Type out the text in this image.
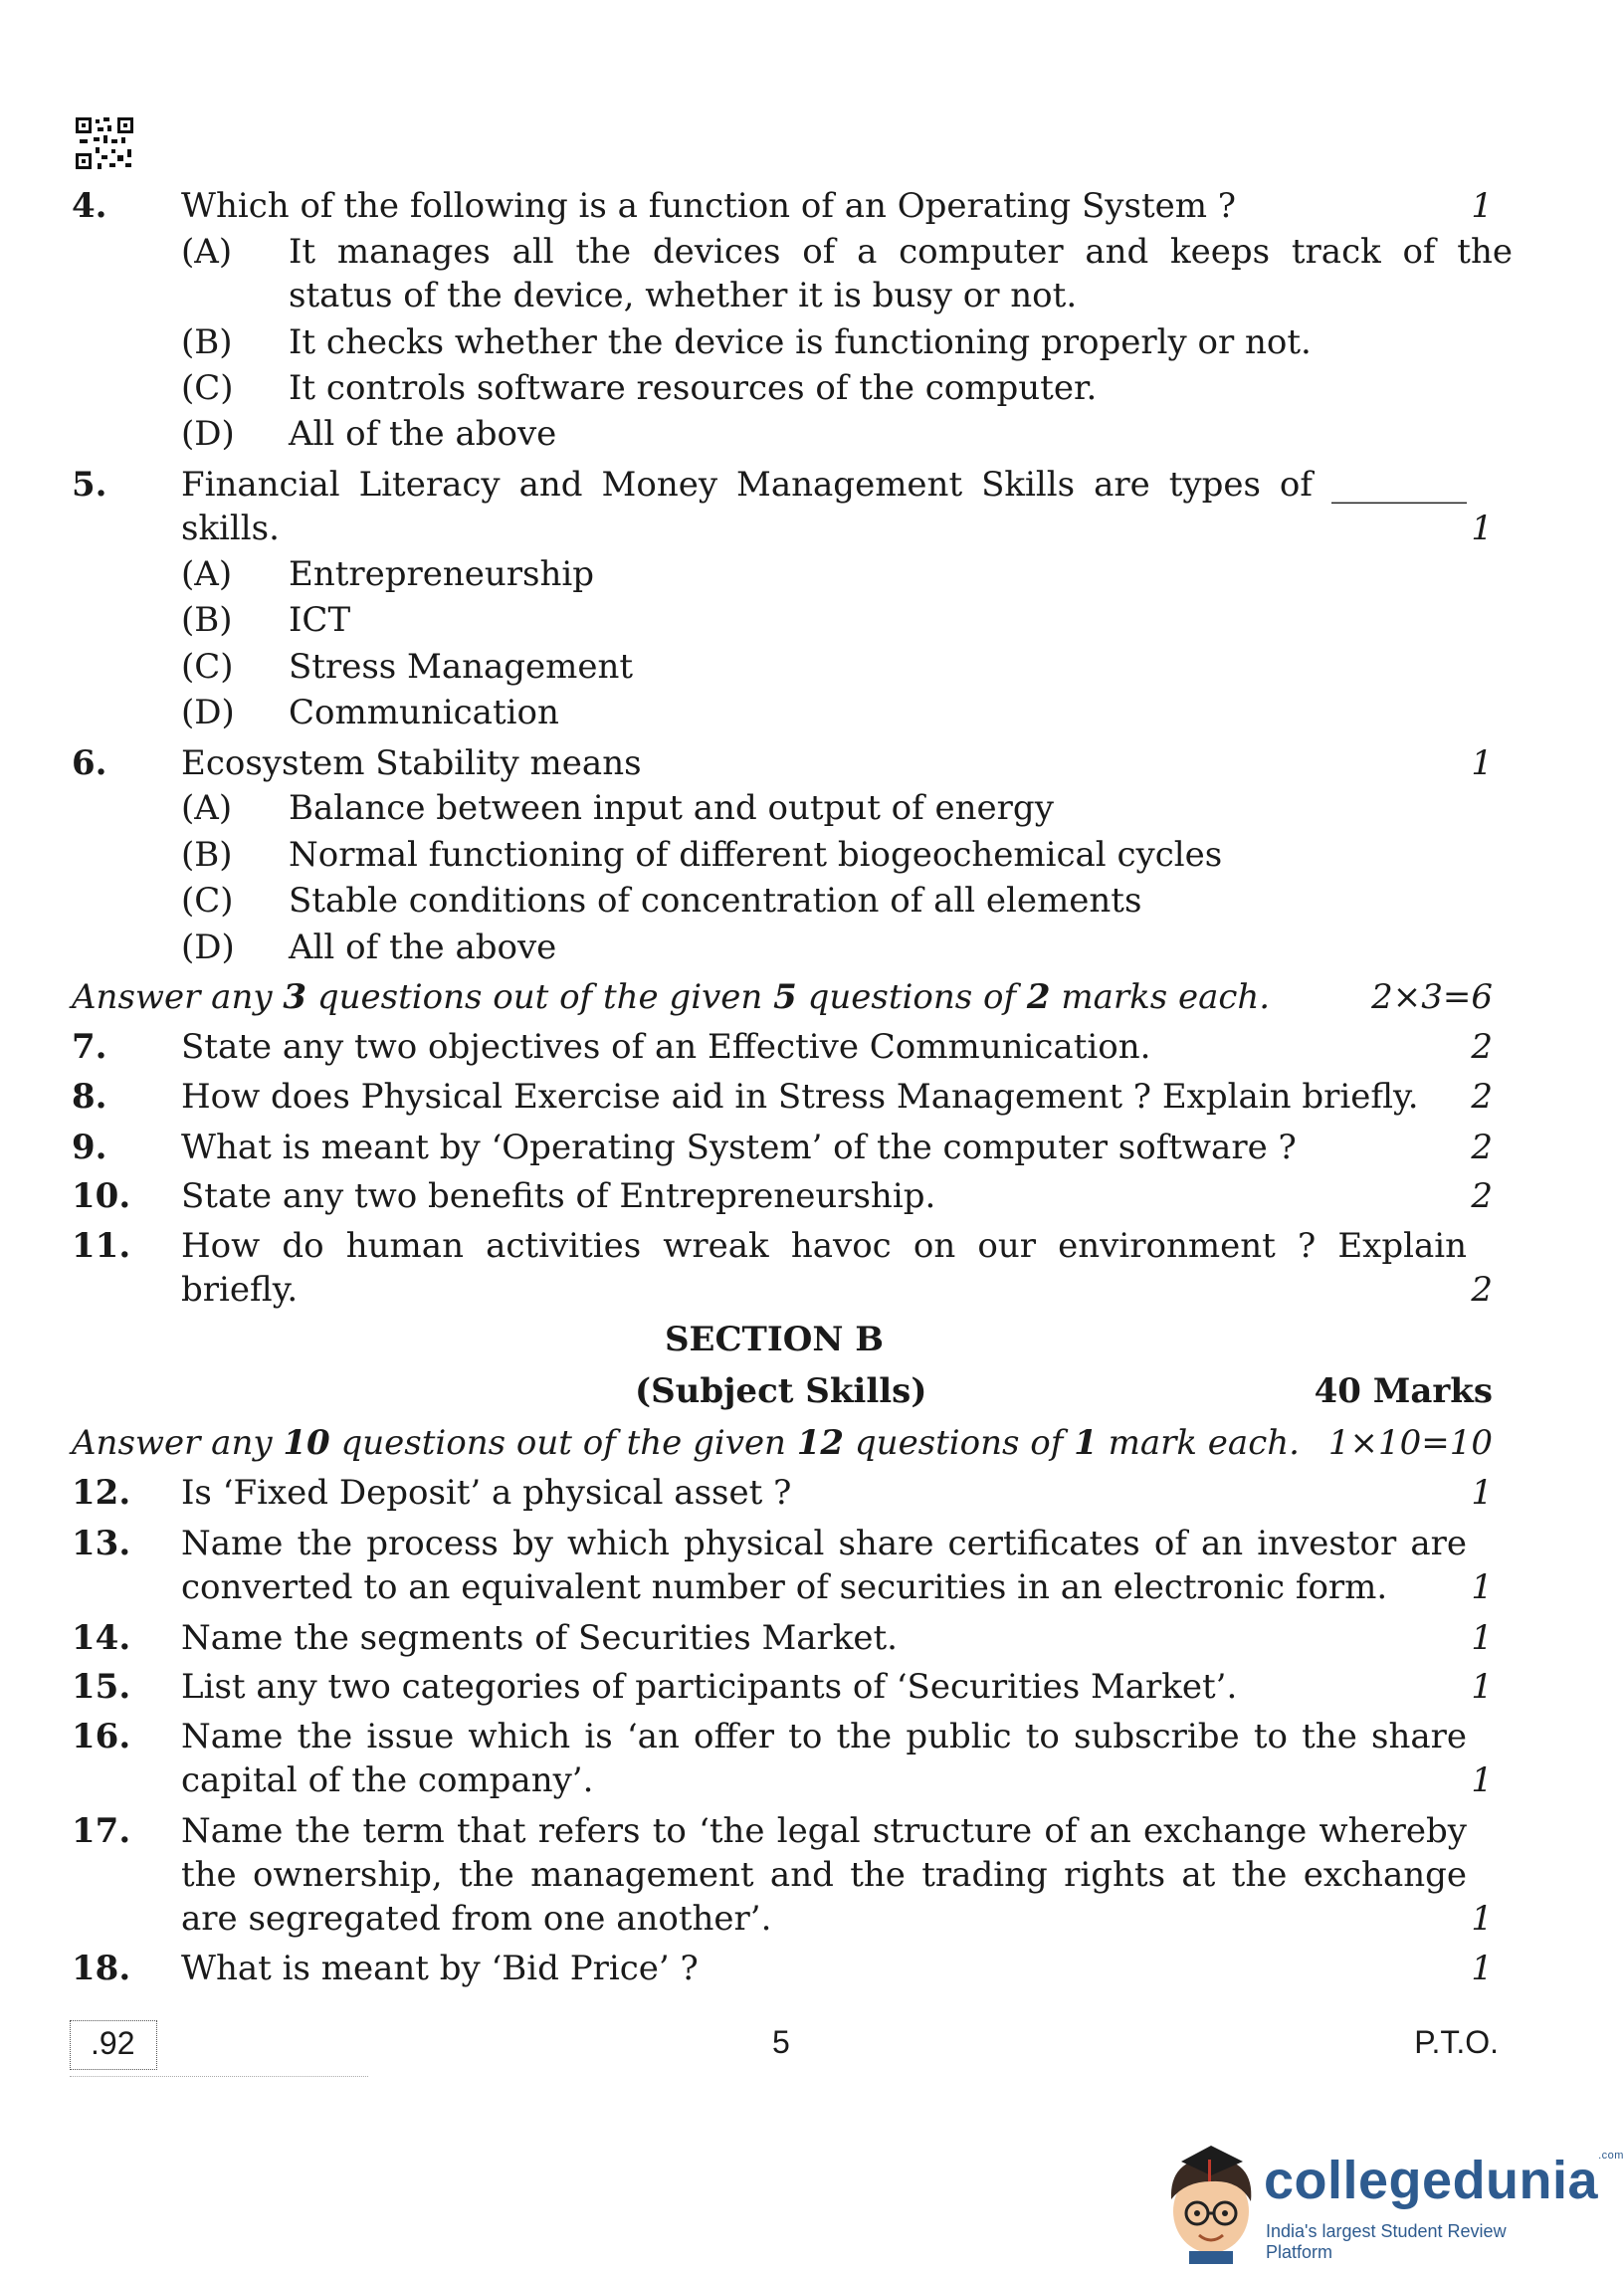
4. Which of the following is a function of an Operating System ?	1
(A) It manages all the devices of a computer and keeps track of the
status of the device, whether it is busy or not.
(B) It checks whether the device is functioning properly or not.
(C) It controls software resources of the computer.
(D) All of the above
5. Financial Literacy and Money Management Skills are types of ________
skills.	1
(A) Entrepreneurship
(B) ICT
(C) Stress Management
(D) Communication
6. Ecosystem Stability means	1
(A) Balance between input and output of energy
(B) Normal functioning of different biogeochemical cycles
(C) Stable conditions of concentration of all elements
(D) All of the above
Answer any 3 questions out of the given 5 questions of 2 marks each.	2×3=6
7. State any two objectives of an Effective Communication.	2
8. How does Physical Exercise aid in Stress Management ? Explain briefly.	2
9. What is meant by ‘Operating System’ of the computer software ?	2
10. State any two benefits of Entrepreneurship.	2
11. How do human activities wreak havoc on our environment ? Explain
briefly.	2
SECTION B
(Subject Skills)	40 Marks
Answer any 10 questions out of the given 12 questions of 1 mark each. 1×10=10
12. Is ‘Fixed Deposit’ a physical asset ?	1
13. Name the process by which physical share certificates of an investor are
converted to an equivalent number of securities in an electronic form.	1
14. Name the segments of Securities Market.	1
15. List any two categories of participants of ‘Securities Market’.	1
16. Name the issue which is ‘an offer to the public to subscribe to the share
capital of the company’.	1
17. Name the term that refers to ‘the legal structure of an exchange whereby
the ownership, the management and the trading rights at the exchange
are segregated from one another’.	1
18. What is meant by ‘Bid Price’ ?	1
.92	5	P.T.O.
collegedunia$^{.com}$
India's largest Student Review Platform
